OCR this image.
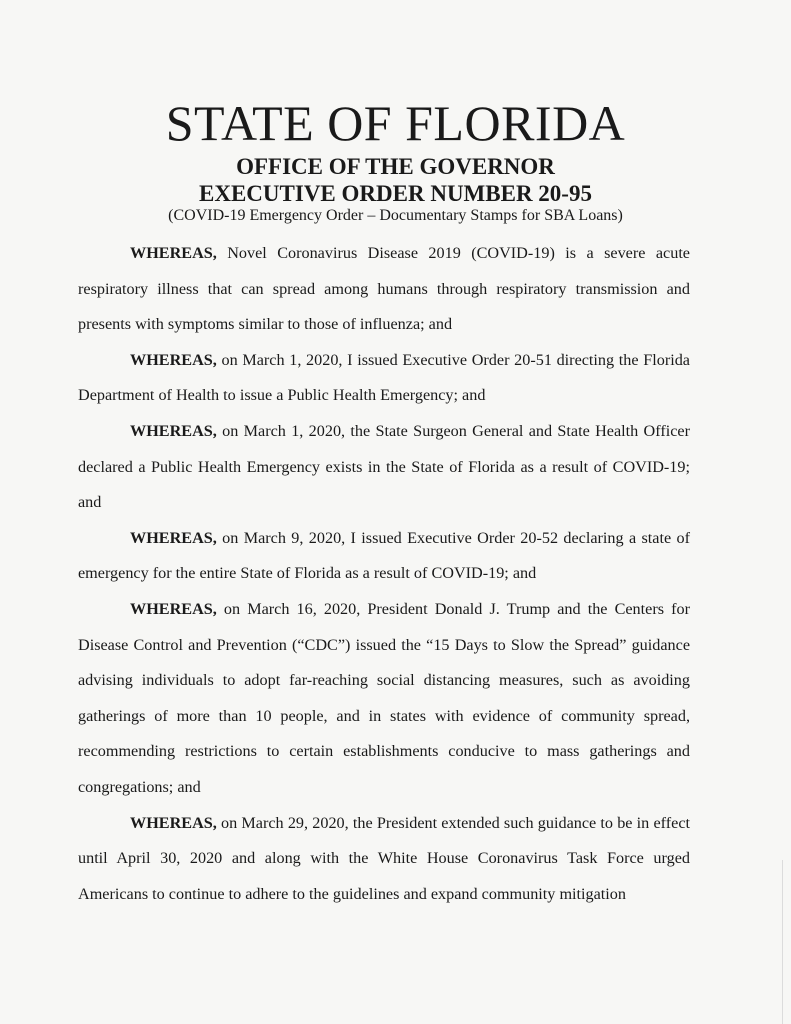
STATE OF FLORIDA
OFFICE OF THE GOVERNOR
EXECUTIVE ORDER NUMBER 20-95
(COVID-19 Emergency Order – Documentary Stamps for SBA Loans)

WHEREAS, Novel Coronavirus Disease 2019 (COVID-19) is a severe acute respiratory illness that can spread among humans through respiratory transmission and presents with symptoms similar to those of influenza; and

WHEREAS, on March 1, 2020, I issued Executive Order 20-51 directing the Florida Department of Health to issue a Public Health Emergency; and

WHEREAS, on March 1, 2020, the State Surgeon General and State Health Officer declared a Public Health Emergency exists in the State of Florida as a result of COVID-19; and

WHEREAS, on March 9, 2020, I issued Executive Order 20-52 declaring a state of emergency for the entire State of Florida as a result of COVID-19; and

WHEREAS, on March 16, 2020, President Donald J. Trump and the Centers for Disease Control and Prevention (“CDC”) issued the “15 Days to Slow the Spread” guidance advising individuals to adopt far-reaching social distancing measures, such as avoiding gatherings of more than 10 people, and in states with evidence of community spread, recommending restrictions to certain establishments conducive to mass gatherings and congregations; and

WHEREAS, on March 29, 2020, the President extended such guidance to be in effect until April 30, 2020 and along with the White House Coronavirus Task Force urged Americans to continue to adhere to the guidelines and expand community mitigation
